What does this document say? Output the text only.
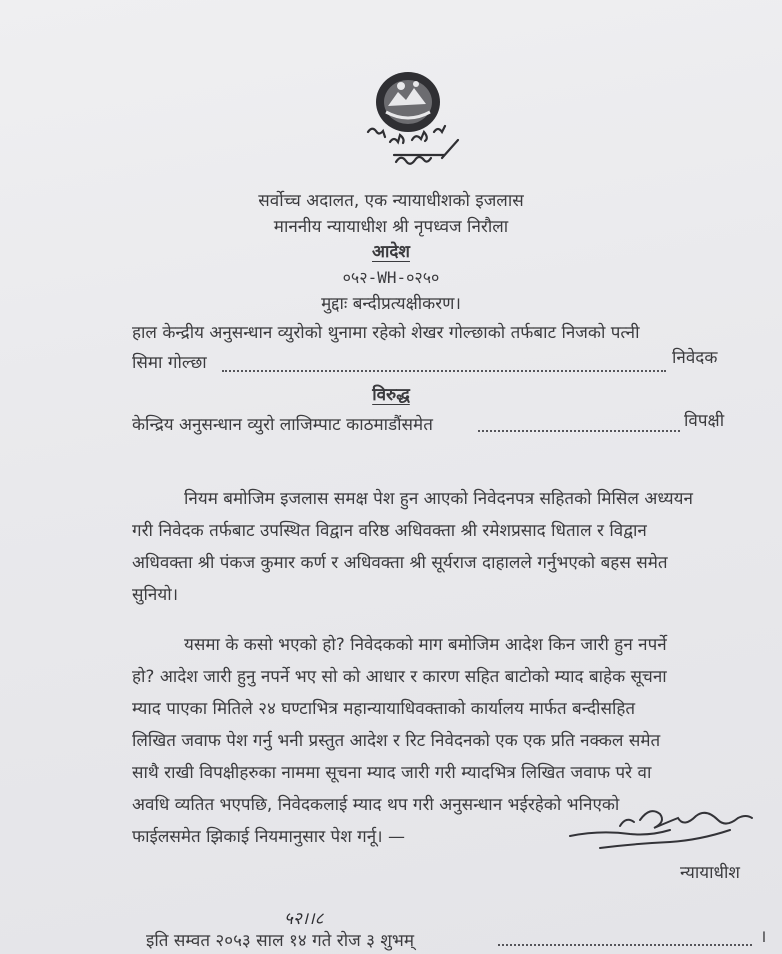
सर्वोच्च अदालत, एक न्यायाधीशको इजलास
माननीय न्यायाधीश श्री नृपध्वज निरौला
आदेश
०५२-WH-०२५०
मुद्दाः बन्दीप्रत्यक्षीकरण।
हाल केन्द्रीय अनुसन्धान व्युरोको थुनामा रहेको शेखर गोल्छाको तर्फबाट निजको पत्नी
सिमा गोल्छा	निवेदक
विरुद्ध
केन्द्रिय अनुसन्धान व्युरो लाजिम्पाट काठमाडौंसमेत	विपक्षी
नियम बमोजिम इजलास समक्ष पेश हुन आएको निवेदनपत्र सहितको मिसिल अध्ययन
गरी निवेदक तर्फबाट उपस्थित विद्वान वरिष्ठ अधिवक्ता श्री रमेशप्रसाद धिताल र विद्वान
अधिवक्ता श्री पंकज कुमार कर्ण र अधिवक्ता श्री सूर्यराज दाहालले गर्नुभएको बहस समेत
सुनियो।
यसमा के कसो भएको हो? निवेदकको माग बमोजिम आदेश किन जारी हुन नपर्ने
हो? आदेश जारी हुनु नपर्ने भए सो को आधार र कारण सहित बाटोको म्याद बाहेक सूचना
म्याद पाएका मितिले २४ घण्टाभित्र महान्यायाधिवक्ताको कार्यालय मार्फत बन्दीसहित
लिखित जवाफ पेश गर्नु भनी प्रस्तुत आदेश र रिट निवेदनको एक एक प्रति नक्कल समेत
साथै राखी विपक्षीहरुका नाममा सूचना म्याद जारी गरी म्यादभित्र लिखित जवाफ परे वा
अवधि व्यतित भएपछि, निवेदकलाई म्याद थप गरी अनुसन्धान भईरहेको भनिएको
फाईलसमेत झिकाई नियमानुसार पेश गर्नू। —
न्यायाधीश
५२।।८
इति सम्वत २०५३ साल १४ गते रोज ३ शुभम्	।
